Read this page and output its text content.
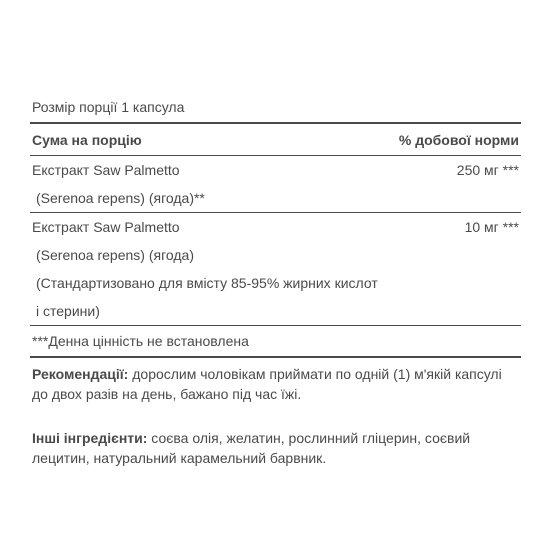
Розмір порції 1 капсула
Сума на порцію	% добової норми
Екстракт Saw Palmetto	250 мг ***
(Serenoa repens) (ягода)**
Екстракт Saw Palmetto	10 мг ***
(Serenoa repens) (ягода)
(Стандартизовано для вмісту 85-95% жирних кислот
і стерини)
***Денна цінність не встановлена
Рекомендації: дорослим чоловікам приймати по одній (1) м'якій капсулі до двох разів на день, бажано під час їжі.
Інші інгредієнти: соєва олія, желатин, рослинний гліцерин, соєвий лецитин, натуральний карамельний барвник.
